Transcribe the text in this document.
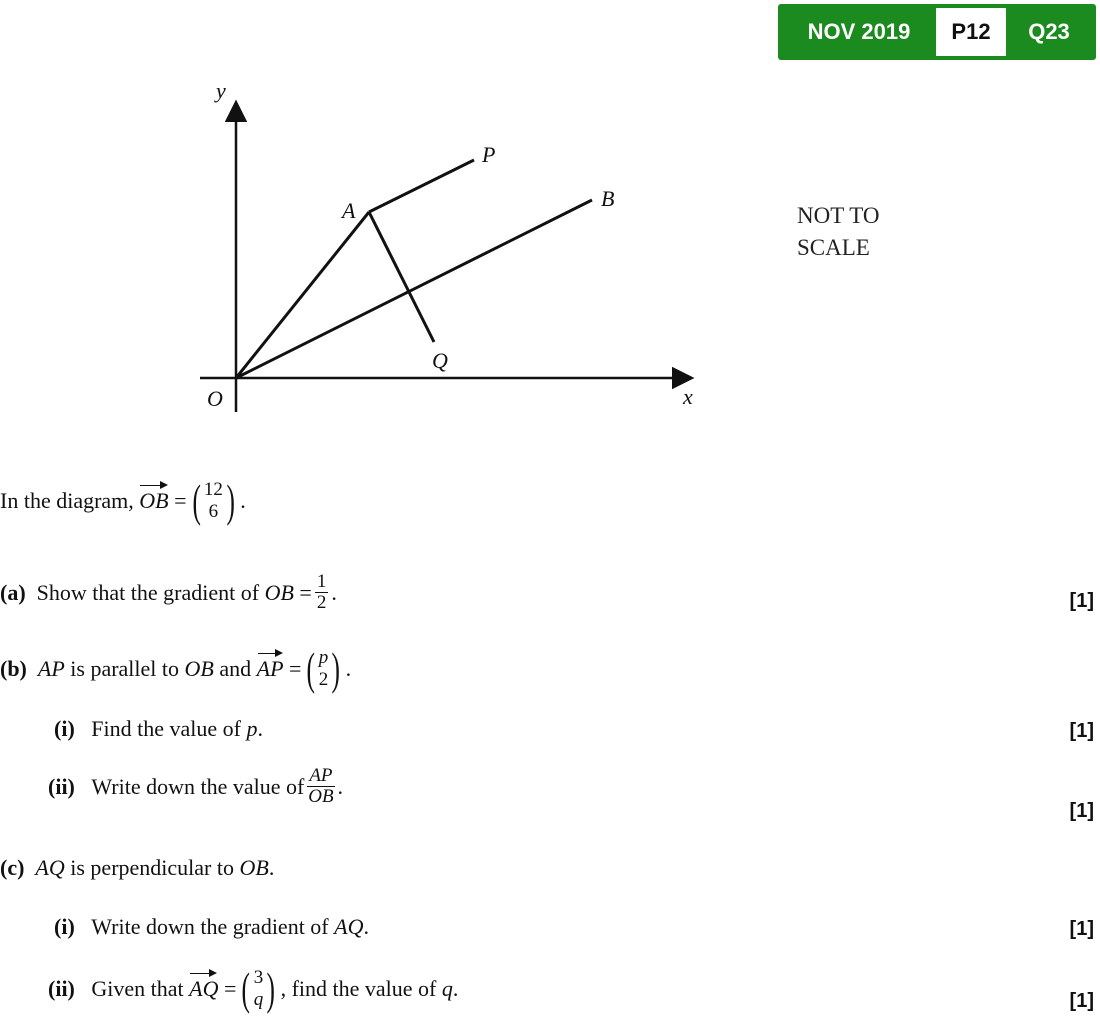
NOV 2019	P12	Q23
y
x
O
A
P
B
Q
NOT TO
SCALE
In the diagram,
OB
= ( 12
6 ) .
(a)
Show that the gradient of
OB
= $\frac{1}{2}$ .	[1]
(b)
AP
is parallel to
OB
and
AP
= ( p
2 ) .
(i)
Find the value of
p .	[1]
(ii)
Write down the value of $\frac{AP}{OB}$ .
[1]
(c)
AQ
is perpendicular to
OB .
(i)
Write down the gradient of
AQ .	[1]
(ii)
Given that
AQ
= ( 3
q ) , find the value of
q .	[1]
